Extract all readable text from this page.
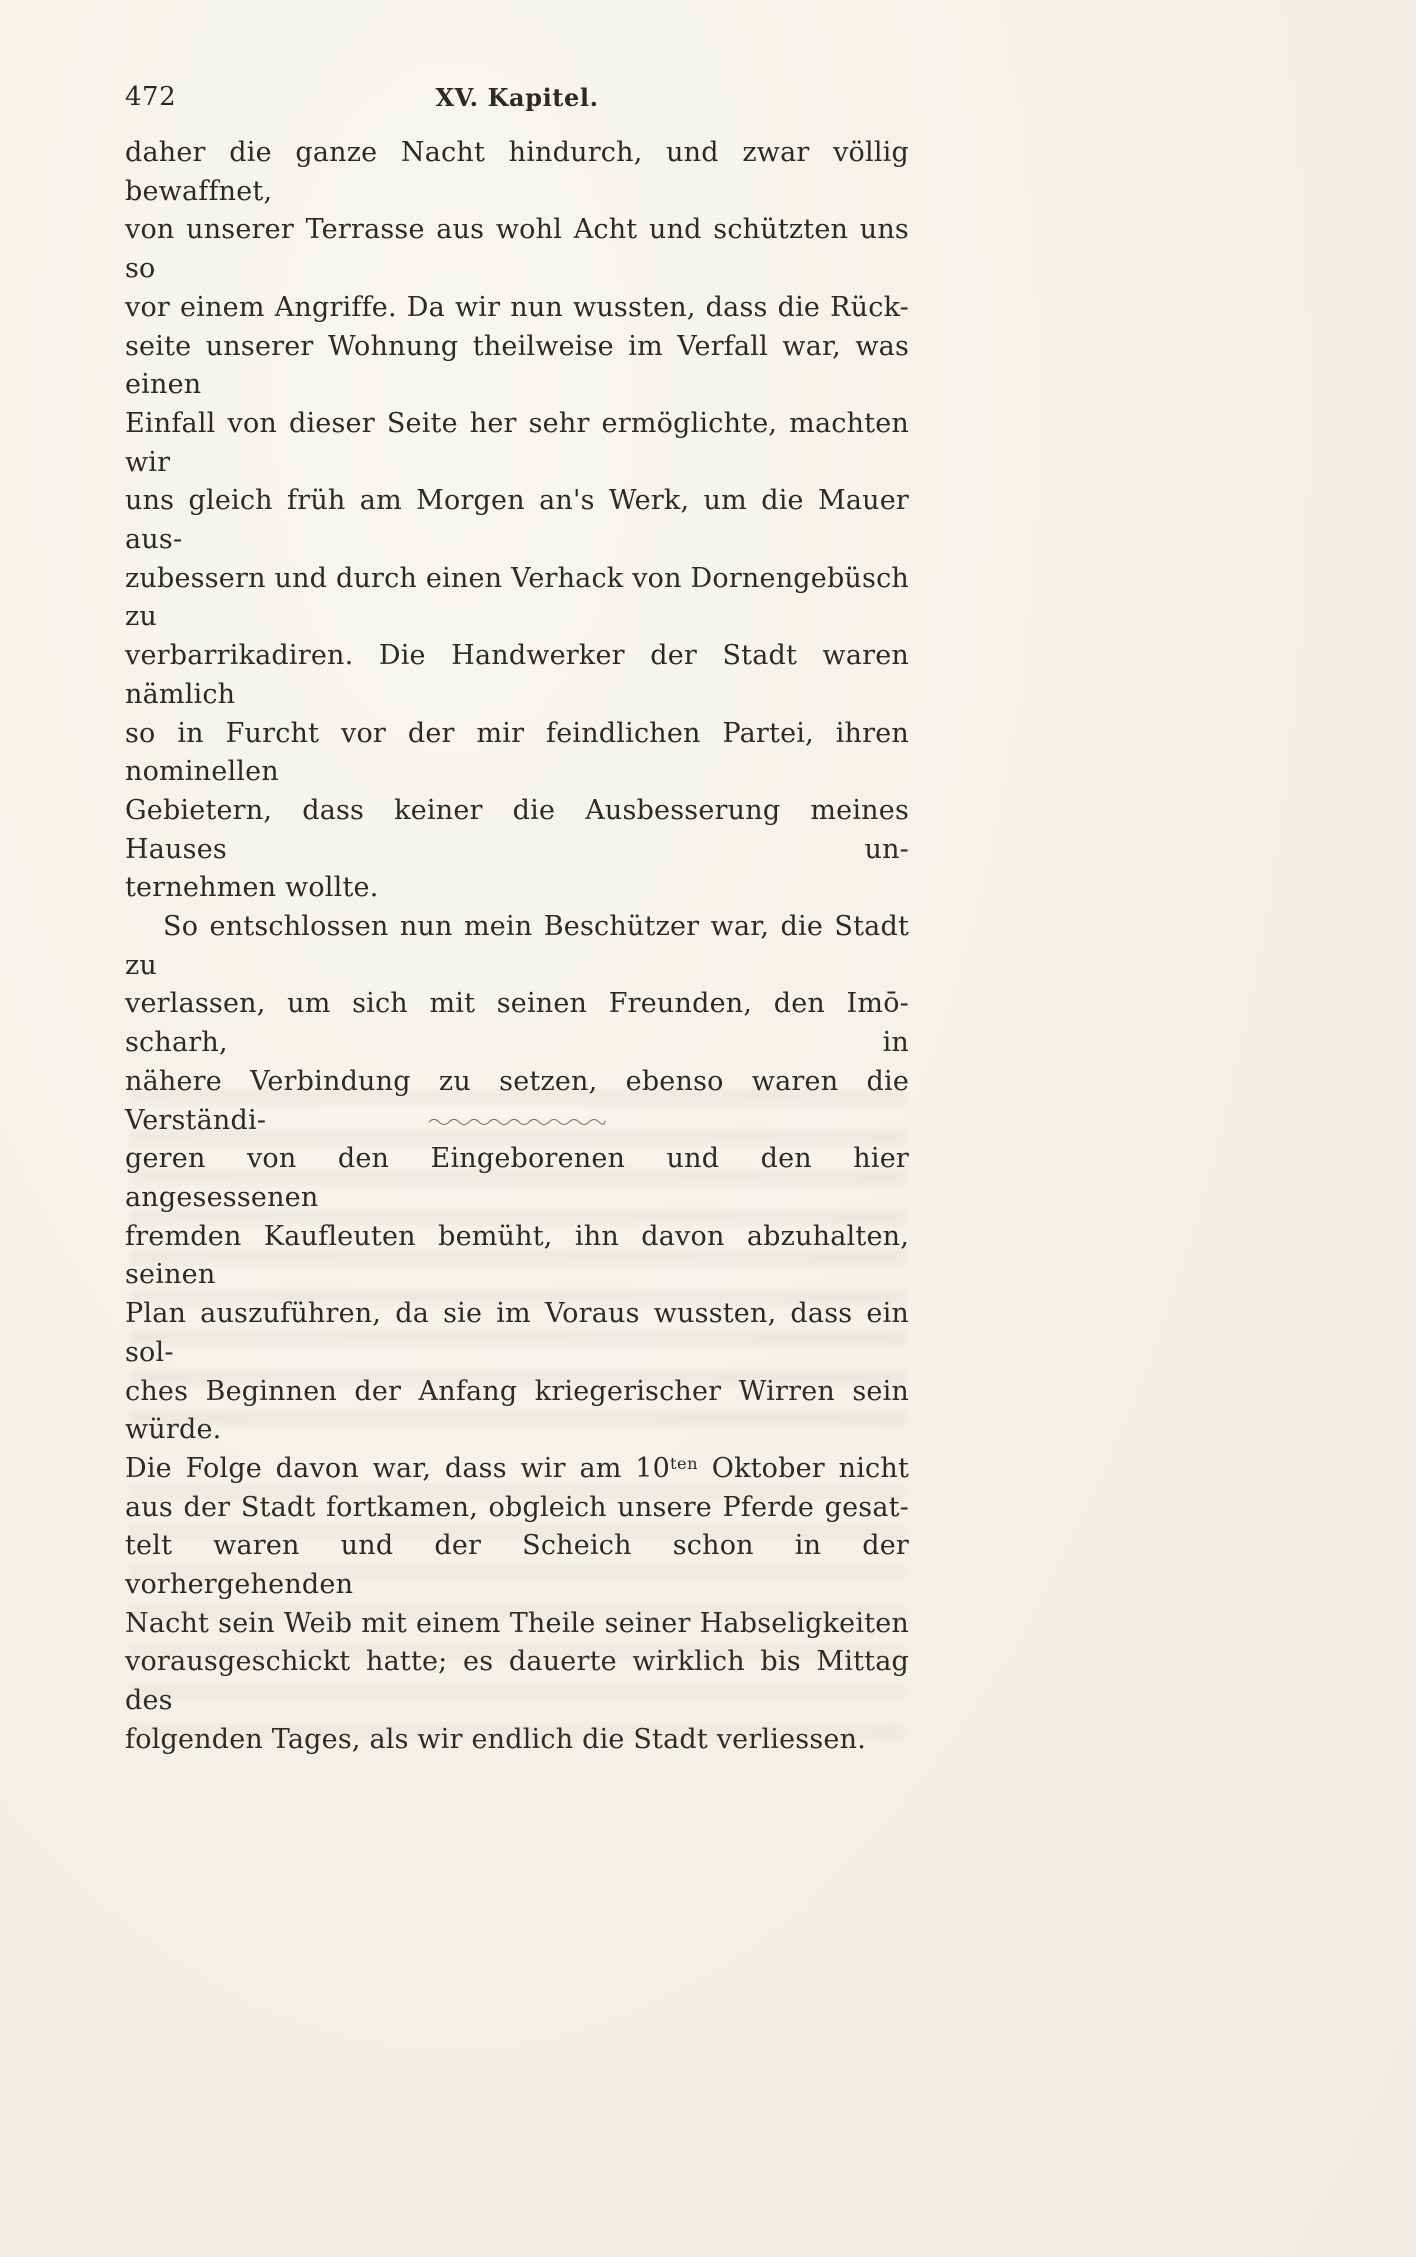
472	XV. Kapitel.
daher die ganze Nacht hindurch, und zwar völlig bewaffnet,
von unserer Terrasse aus wohl Acht und schützten uns so
vor einem Angriffe. Da wir nun wussten, dass die Rück-
seite unserer Wohnung theilweise im Verfall war, was einen
Einfall von dieser Seite her sehr ermöglichte, machten wir
uns gleich früh am Morgen an's Werk, um die Mauer aus-
zubessern und durch einen Verhack von Dornengebüsch zu
verbarrikadiren. Die Handwerker der Stadt waren nämlich
so in Furcht vor der mir feindlichen Partei, ihren nominellen
Gebietern, dass keiner die Ausbesserung meines Hauses un-
ternehmen wollte.
So entschlossen nun mein Beschützer war, die Stadt zu
verlassen, um sich mit seinen Freunden, den Imō-scharh, in
nähere Verbindung zu setzen, ebenso waren die Verständi-
geren von den Eingeborenen und den hier angesessenen
fremden Kaufleuten bemüht, ihn davon abzuhalten, seinen
Plan auszuführen, da sie im Voraus wussten, dass ein sol-
ches Beginnen der Anfang kriegerischer Wirren sein würde.
Die Folge davon war, dass wir am $10^{ten}$ Oktober nicht
aus der Stadt fortkamen, obgleich unsere Pferde gesat-
telt waren und der Scheich schon in der vorhergehenden
Nacht sein Weib mit einem Theile seiner Habseligkeiten
vorausgeschickt hatte; es dauerte wirklich bis Mittag des
folgenden Tages, als wir endlich die Stadt verliessen.
